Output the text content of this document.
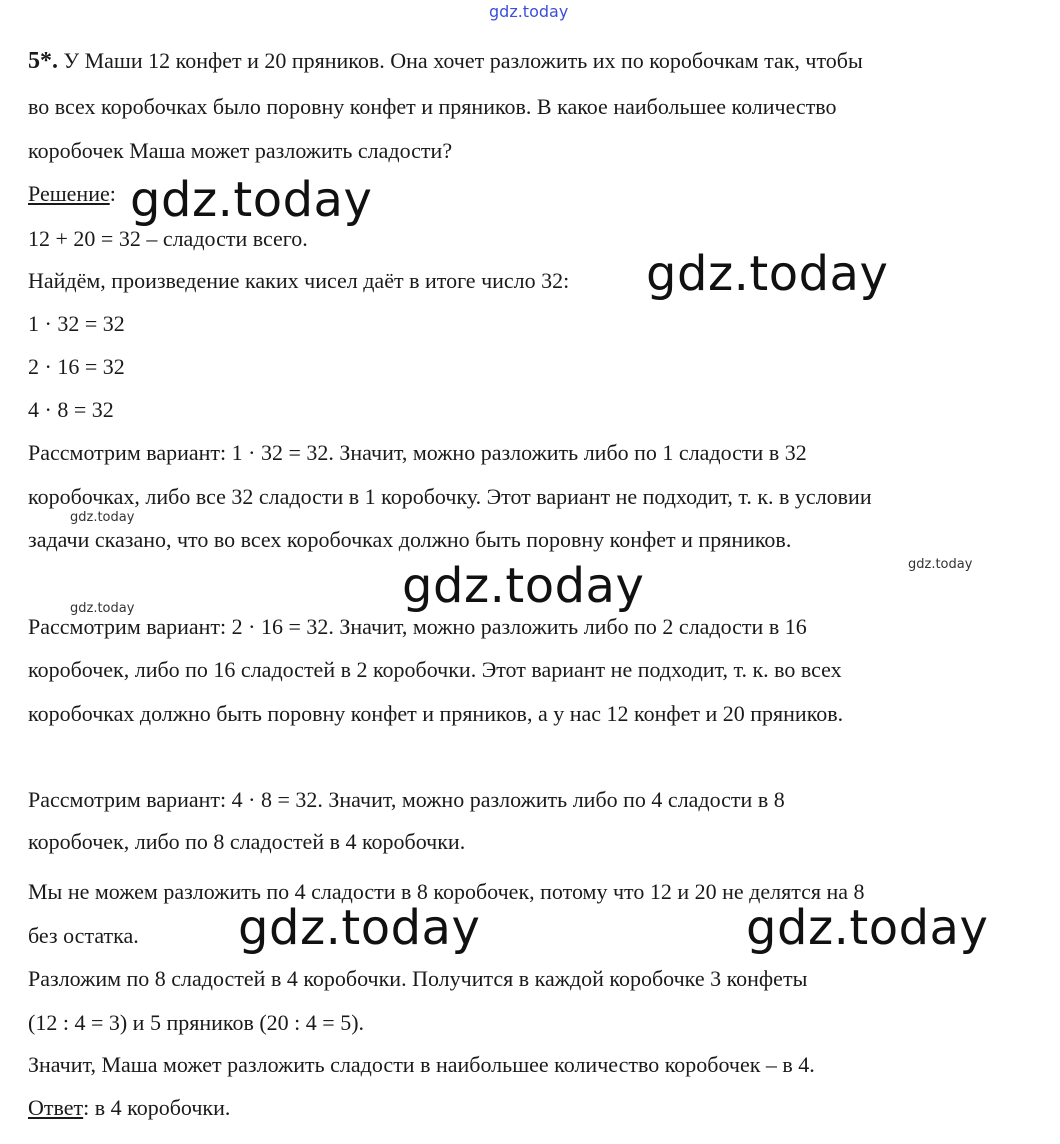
gdz.today

5*. У Маши 12 конфет и 20 пряников. Она хочет разложить их по коробочкам так, чтобы

во всех коробочках было поровну конфет и пряников. В какое наибольшее количество

коробочек Маша может разложить сладости?

Решение: gdz.today

12 + 20 = 32 – сладости всего.

Найдём, произведение каких чисел даёт в итоге число 32: gdz.today

1 · 32 = 32

2 · 16 = 32

4 · 8 = 32

Рассмотрим вариант: 1 · 32 = 32. Значит, можно разложить либо по 1 сладости в 32

коробочках, либо все 32 сладости в 1 коробочку. Этот вариант не подходит, т. к. в условии

gdz.today

задачи сказано, что во всех коробочках должно быть поровну конфет и пряников.

gdz.today
gdz.today
gdz.today

Рассмотрим вариант: 2 · 16 = 32. Значит, можно разложить либо по 2 сладости в 16

коробочек, либо по 16 сладостей в 2 коробочки. Этот вариант не подходит, т. к. во всех

коробочках должно быть поровну конфет и пряников, а у нас 12 конфет и 20 пряников.

Рассмотрим вариант: 4 · 8 = 32. Значит, можно разложить либо по 4 сладости в 8

коробочек, либо по 8 сладостей в 4 коробочки.

Мы не можем разложить по 4 сладости в 8 коробочек, потому что 12 и 20 не делятся на 8

без остатка. gdz.today	gdz.today

Разложим по 8 сладостей в 4 коробочки. Получится в каждой коробочке 3 конфеты

(12 : 4 = 3) и 5 пряников (20 : 4 = 5).

Значит, Маша может разложить сладости в наибольшее количество коробочек – в 4.

Ответ: в 4 коробочки.
